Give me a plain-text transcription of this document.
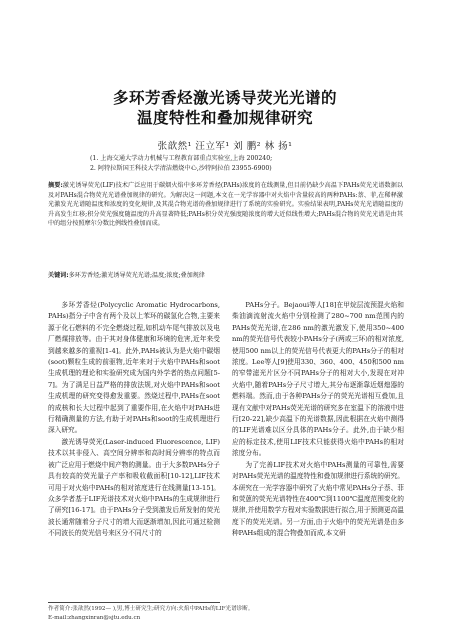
多环芳香烃激光诱导荧光光谱的
温度特性和叠加规律研究
张歆然¹ 汪立军¹ 刘 鹏² 林 扬¹
(1. 上海交通大学动力机械与工程教育部重点实验室,上海 200240;
2. 阿特拉斯国王科技大学清洁燃烧中心,沙特阿拉伯 23955-6900)
摘要:激光诱导荧光(LIF)技术广泛应用于碳烟火焰中多环芳香烃(PAHs)浓度的在线测量,但目前仍缺少高温下PAHs荧光光谱数据以及对PAHs混合物荧光光谱叠加规律的研究。为解决这一问题,本文在一光学容器中对火焰中含量较高的两种PAHs:萘、菲,在稀释激光激发光光谱随温度和浓度的变化规律,及其混合物光谱的叠加规律进行了系统的实验研究。实验结果表明,PAHs荧光光谱随温度的升高发生红移;积分荧光强度随温度的升高显著降低;PAHs积分荧光强度随浓度的增大近似线性增大;PAHs混合物的荧光光谱是由其中的组分按照摩尔分数比例线性叠加而成。
关键词:多环芳香烃;激光诱导荧光光谱;温度;浓度;叠加规律

多环芳香烃(Polycyclic Aromatic Hydrocarbons, PAHs)指分子中含有两个及以上苯环的碳氢化合物,主要来源于化石燃料的不完全燃烧过程,如机动车尾气排放以及电厂燃煤排放等。由于其对身体健康和环境的危害,近年来受到越来越多的重视[1-4]。此外,PAHs被认为是火焰中碳烟(soot)颗粒生成的前驱物,近年来对于火焰中PAHs和soot生成机理的理论和实验研究成为国内外学者的热点问题[5-7]。为了满足日益严格的排放法规,对火焰中PAHs和soot生成机理的研究变得愈发重要。然烧过程中,PAHs在soot的成核和长大过程中起到了重要作用,在火焰中对PAHs进行精确测量的方法,有助于对PAHs和soot的生成机理进行深入研究。

激光诱导荧光(Laser-induced Fluorescence, LIF)技术以其非侵入、高空间分辨率和高时间分辨率的特点而被广泛应用于燃烧中间产物的测量。由于大多数PAHs分子具有较高的荧光量子产率和吸收截面积[10-12],LIF技术可用于对火焰中PAHs的相对浓度进行在线测量[13-15]。众多学者基于LIF光谱技术对火焰中PAHs的生成规律进行了研究[16-17]。由于PAHs分子受到激发后所发射的荧光波长通常随着分子尺寸的增大而逐渐增加,因此可通过检测不同波长的荧光信号来区分不同尺寸的

PAHs分子。Bejaoui等人[18]在甲烷层流预混火焰和柴油滴流射流火焰中分别检测了280~700 nm范围内的PAHs荧光光谱,在286 nm的激光激发下,使用350~400 nm的荧光信号代表较小PAHs分子(两或三环)的相对浓度,使用500 nm以上的荧光信号代表更大的PAHs分子的相对浓度。Lee等人[9]使用330、360、400、450和500 nm的窄带滤光片区分不同PAHs分子的相对大小,发现在对冲火焰中,随着PAHs分子尺寸增大,其分布逐渐靠近烟熄器的燃料端。然而,由于各种PAHs分子的荧光光谱相互叠加,且现有文献中对PAHs荧光光谱的研究多在室温下的溶液中进行[20-22],缺少高温下的光谱数据,因此根据在火焰中测得的LIF光谱难以区分具体的PAHs分子。此外,由于缺少相应的标定技术,使用LIF技术只能获得火焰中PAHs的相对浓度分布。

为了完善LIF技术对火焰中PAHs测量的可靠性,需要对PAHs荧光光谱的温度特性和叠加规律进行系统的研究。本研究在一光学容器中研究了火焰中常见PAHs分子萘、菲和荧蒽的荧光光谱特性在400℃到1100℃温度范围变化的规律,并使用数学方程对实验数据进行拟合,用于预测更高温度下的荧光光谱。另一方面,由于火焰中的荧光光谱是由多种PAHs组成的混合物叠加而成,本文研

作者简介:张歆然(1992— ),男,博士研究生;研究方向:火焰中PAHs的LIF光谱诊断。
E-mail:zhangxinran@sjtu.edu.cn
